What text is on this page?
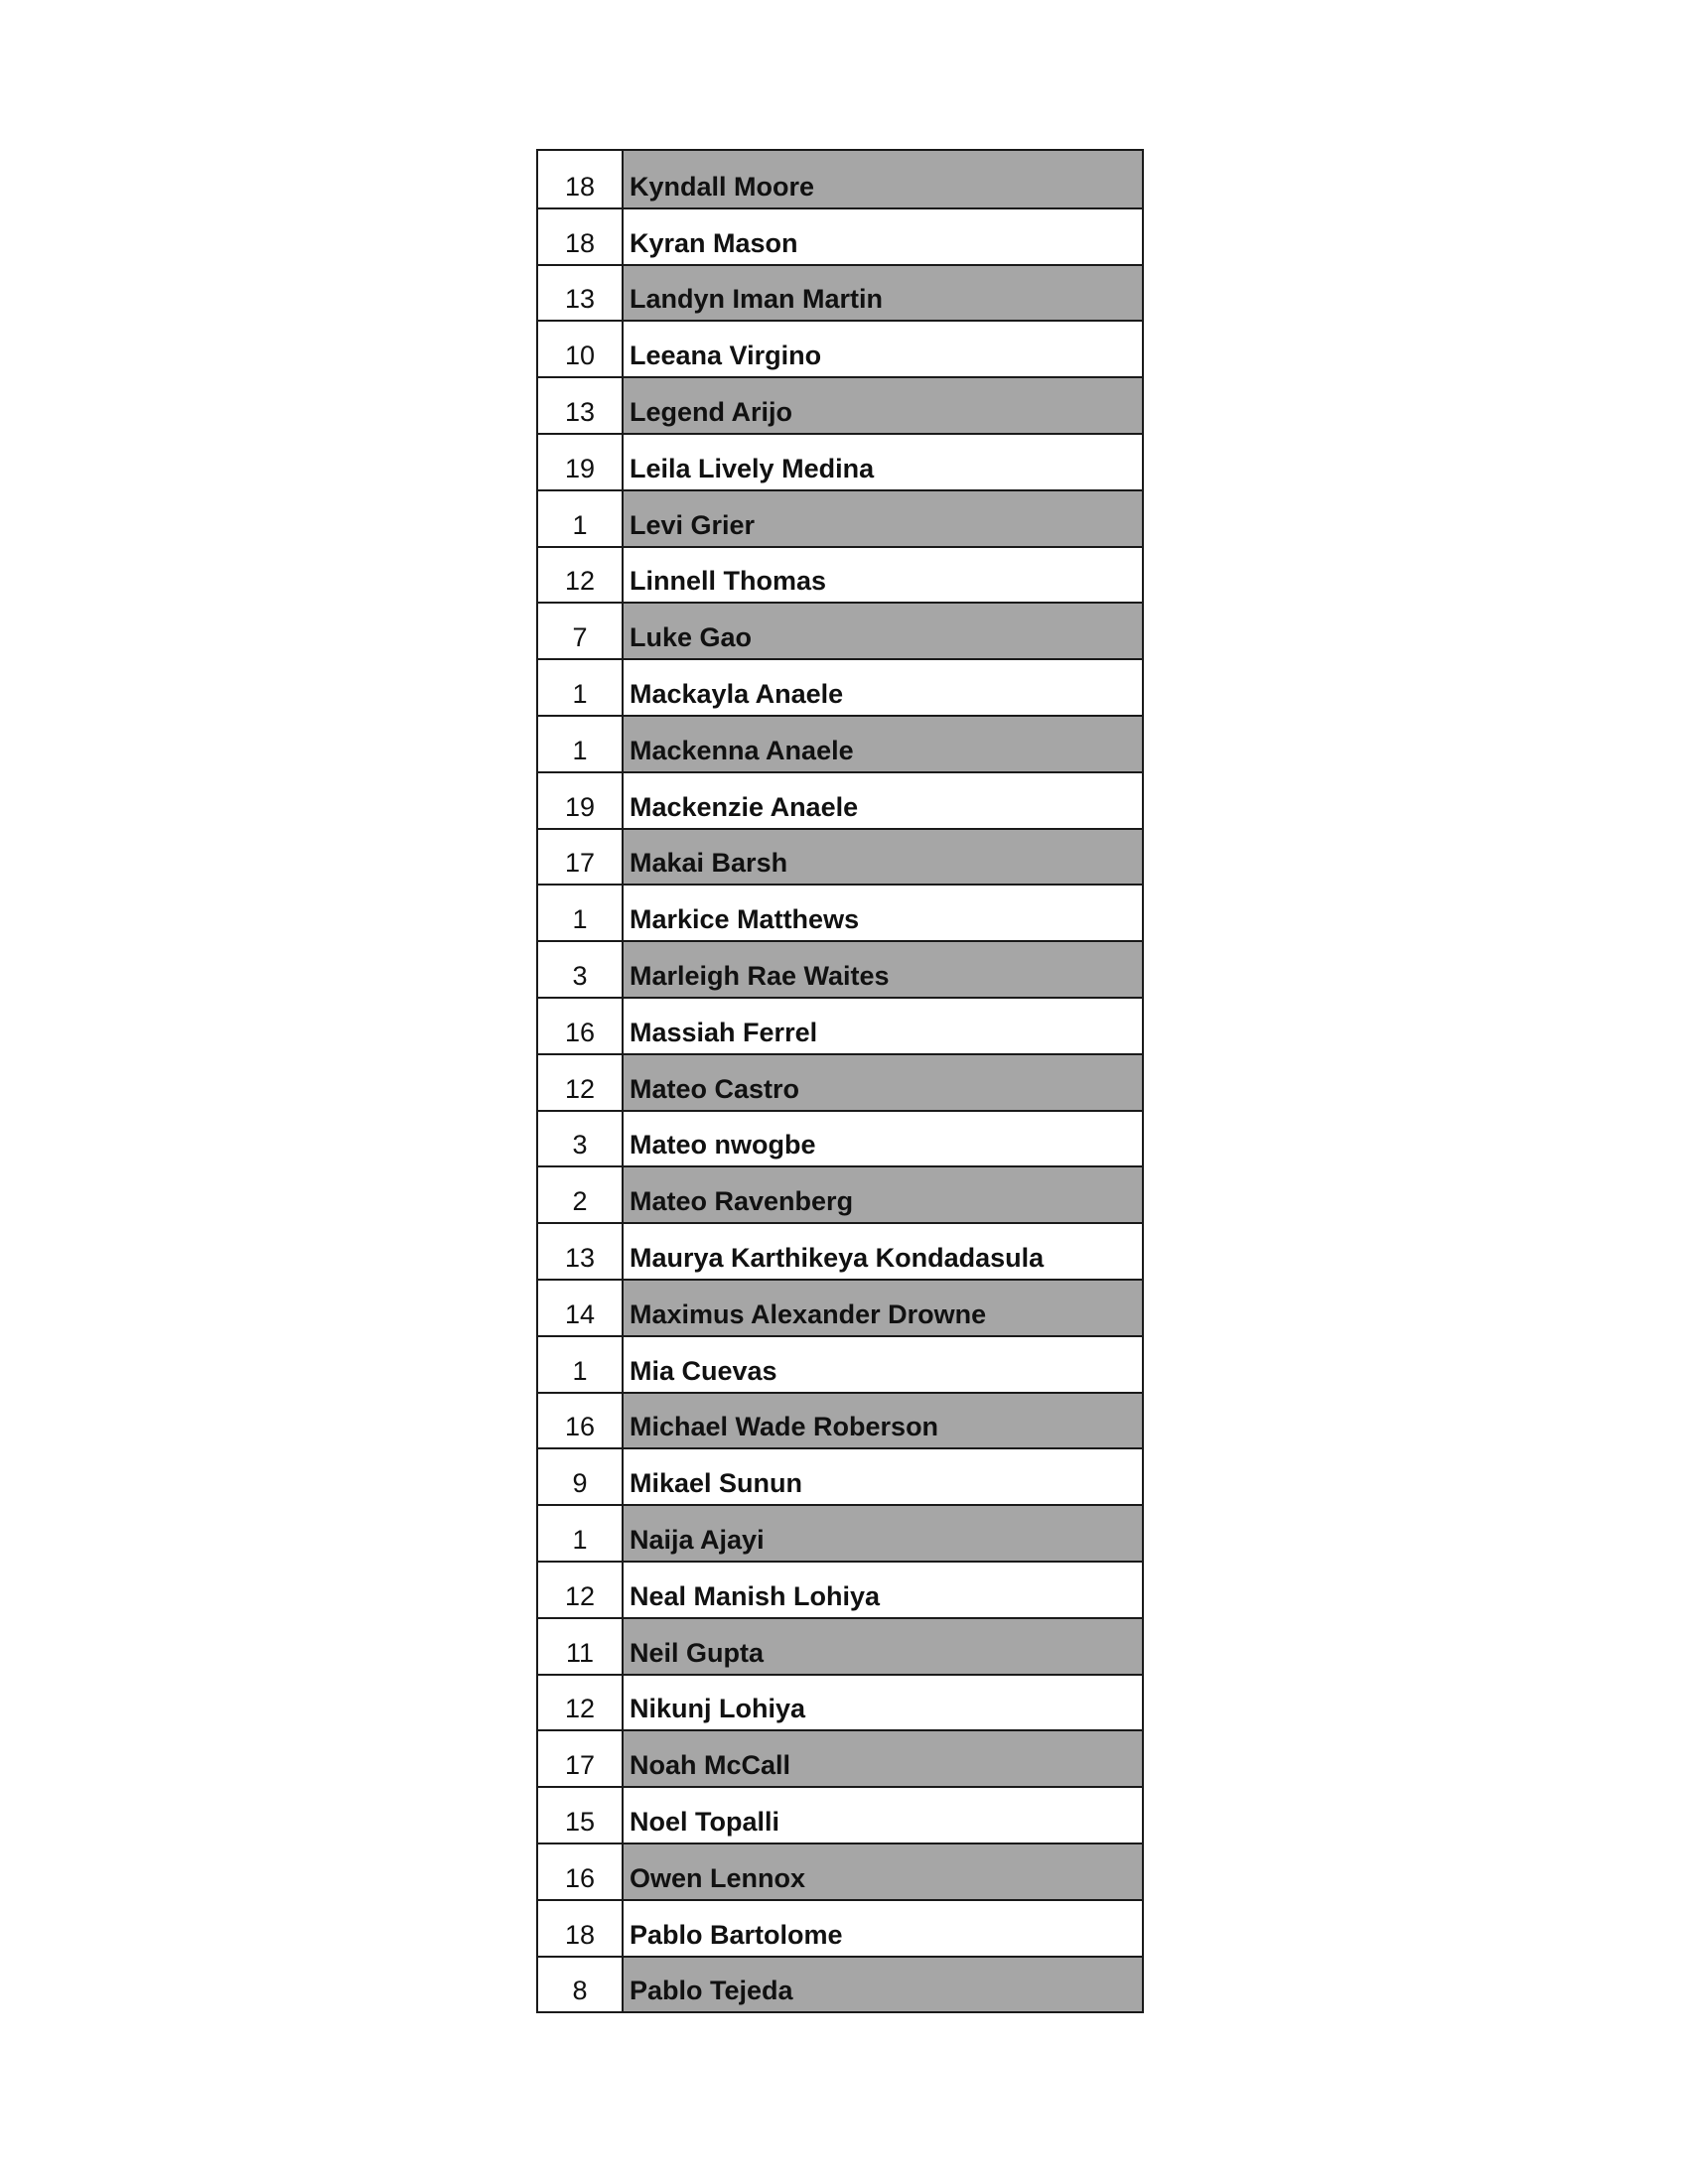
18	Kyndall Moore
18	Kyran Mason
13	Landyn Iman Martin
10	Leeana Virgino
13	Legend Arijo
19	Leila Lively Medina
1	Levi Grier
12	Linnell Thomas
7	Luke Gao
1	Mackayla Anaele
1	Mackenna Anaele
19	Mackenzie Anaele
17	Makai Barsh
1	Markice Matthews
3	Marleigh Rae Waites
16	Massiah Ferrel
12	Mateo Castro
3	Mateo nwogbe
2	Mateo Ravenberg
13	Maurya Karthikeya Kondadasula
14	Maximus Alexander Drowne
1	Mia Cuevas
16	Michael Wade Roberson
9	Mikael Sunun
1	Naija Ajayi
12	Neal Manish Lohiya
11	Neil Gupta
12	Nikunj Lohiya
17	Noah McCall
15	Noel Topalli
16	Owen Lennox
18	Pablo Bartolome
8	Pablo Tejeda
